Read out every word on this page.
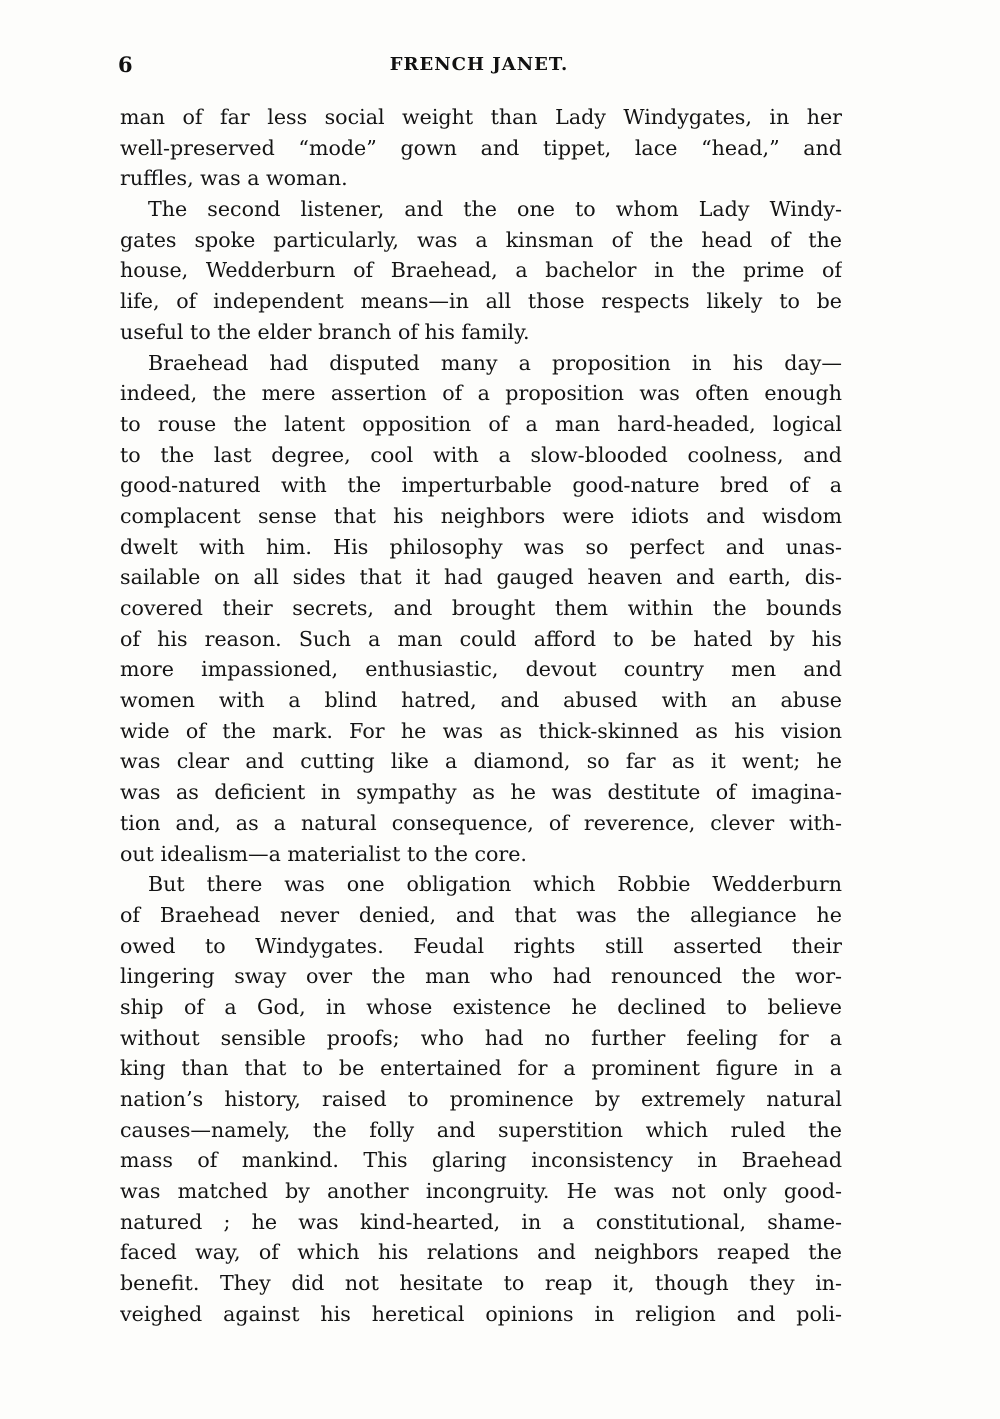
6	FRENCH JANET.

man of far less social weight than Lady Windygates, in her
well-preserved “mode” gown and tippet, lace “head,” and
ruffles, was a woman.

The second listener, and the one to whom Lady Windy-
gates spoke particularly, was a kinsman of the head of the
house, Wedderburn of Braehead, a bachelor in the prime of
life, of independent means—in all those respects likely to be
useful to the elder branch of his family.

Braehead had disputed many a proposition in his day—
indeed, the mere assertion of a proposition was often enough
to rouse the latent opposition of a man hard-headed, logical
to the last degree, cool with a slow-blooded coolness, and
good-natured with the imperturbable good-nature bred of a
complacent sense that his neighbors were idiots and wisdom
dwelt with him. His philosophy was so perfect and unas-
sailable on all sides that it had gauged heaven and earth, dis-
covered their secrets, and brought them within the bounds
of his reason. Such a man could afford to be hated by his
more impassioned, enthusiastic, devout country men and
women with a blind hatred, and abused with an abuse
wide of the mark. For he was as thick-skinned as his vision
was clear and cutting like a diamond, so far as it went; he
was as deficient in sympathy as he was destitute of imagina-
tion and, as a natural consequence, of reverence, clever with-
out idealism—a materialist to the core.

But there was one obligation which Robbie Wedderburn
of Braehead never denied, and that was the allegiance he
owed to Windygates. Feudal rights still asserted their
lingering sway over the man who had renounced the wor-
ship of a God, in whose existence he declined to believe
without sensible proofs; who had no further feeling for a
king than that to be entertained for a prominent figure in a
nation’s history, raised to prominence by extremely natural
causes—namely, the folly and superstition which ruled the
mass of mankind. This glaring inconsistency in Braehead
was matched by another incongruity. He was not only good-
natured ; he was kind-hearted, in a constitutional, shame-
faced way, of which his relations and neighbors reaped the
benefit. They did not hesitate to reap it, though they in-
veighed against his heretical opinions in religion and poli-
